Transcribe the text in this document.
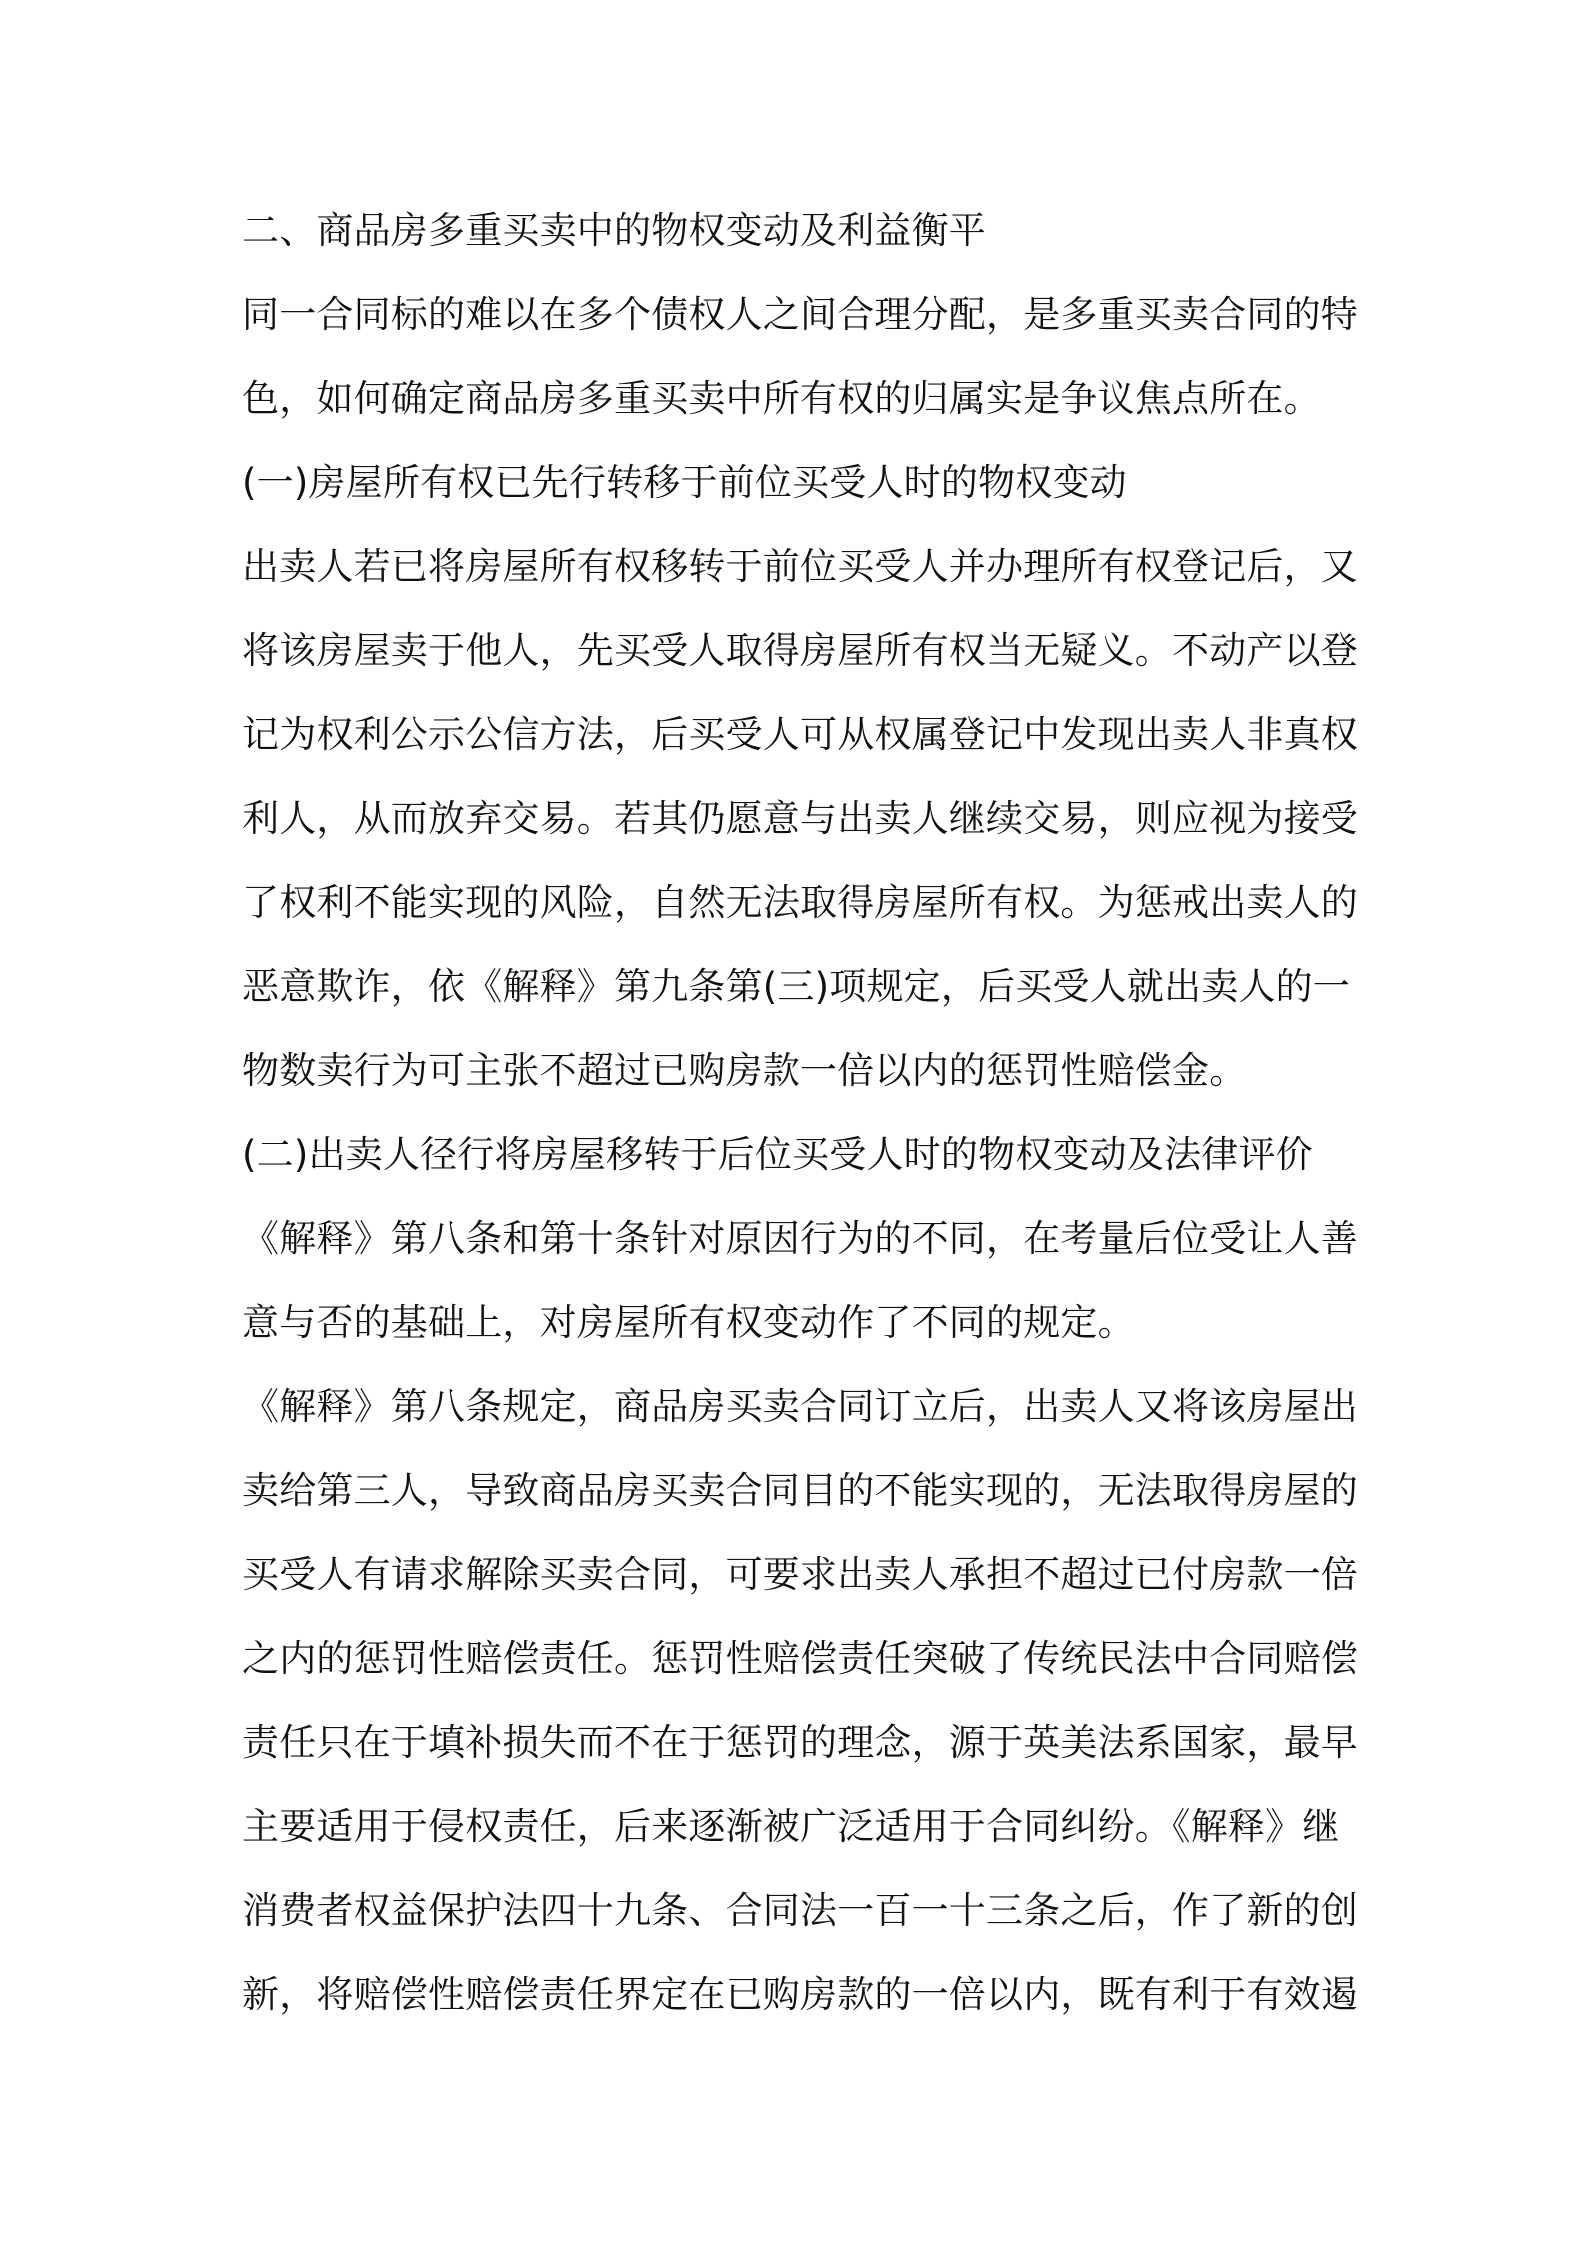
二、商品房多重买卖中的物权变动及利益衡平
同一合同标的难以在多个债权人之间合理分配，是多重买卖合同的特
色，如何确定商品房多重买卖中所有权的归属实是争议焦点所在。
(一)房屋所有权已先行转移于前位买受人时的物权变动
出卖人若已将房屋所有权移转于前位买受人并办理所有权登记后，又
将该房屋卖于他人，先买受人取得房屋所有权当无疑义。不动产以登
记为权利公示公信方法，后买受人可从权属登记中发现出卖人非真权
利人，从而放弃交易。若其仍愿意与出卖人继续交易，则应视为接受
了权利不能实现的风险，自然无法取得房屋所有权。为惩戒出卖人的
恶意欺诈，依《解释》第九条第(三)项规定，后买受人就出卖人的一
物数卖行为可主张不超过已购房款一倍以内的惩罚性赔偿金。
(二)出卖人径行将房屋移转于后位买受人时的物权变动及法律评价
《解释》第八条和第十条针对原因行为的不同，在考量后位受让人善
意与否的基础上，对房屋所有权变动作了不同的规定。
《解释》第八条规定，商品房买卖合同订立后，出卖人又将该房屋出
卖给第三人，导致商品房买卖合同目的不能实现的，无法取得房屋的
买受人有请求解除买卖合同，可要求出卖人承担不超过已付房款一倍
之内的惩罚性赔偿责任。惩罚性赔偿责任突破了传统民法中合同赔偿
责任只在于填补损失而不在于惩罚的理念，源于英美法系国家，最早
主要适用于侵权责任，后来逐渐被广泛适用于合同纠纷。《解释》继
消费者权益保护法四十九条、合同法一百一十三条之后，作了新的创
新，将赔偿性赔偿责任界定在已购房款的一倍以内，既有利于有效遏
